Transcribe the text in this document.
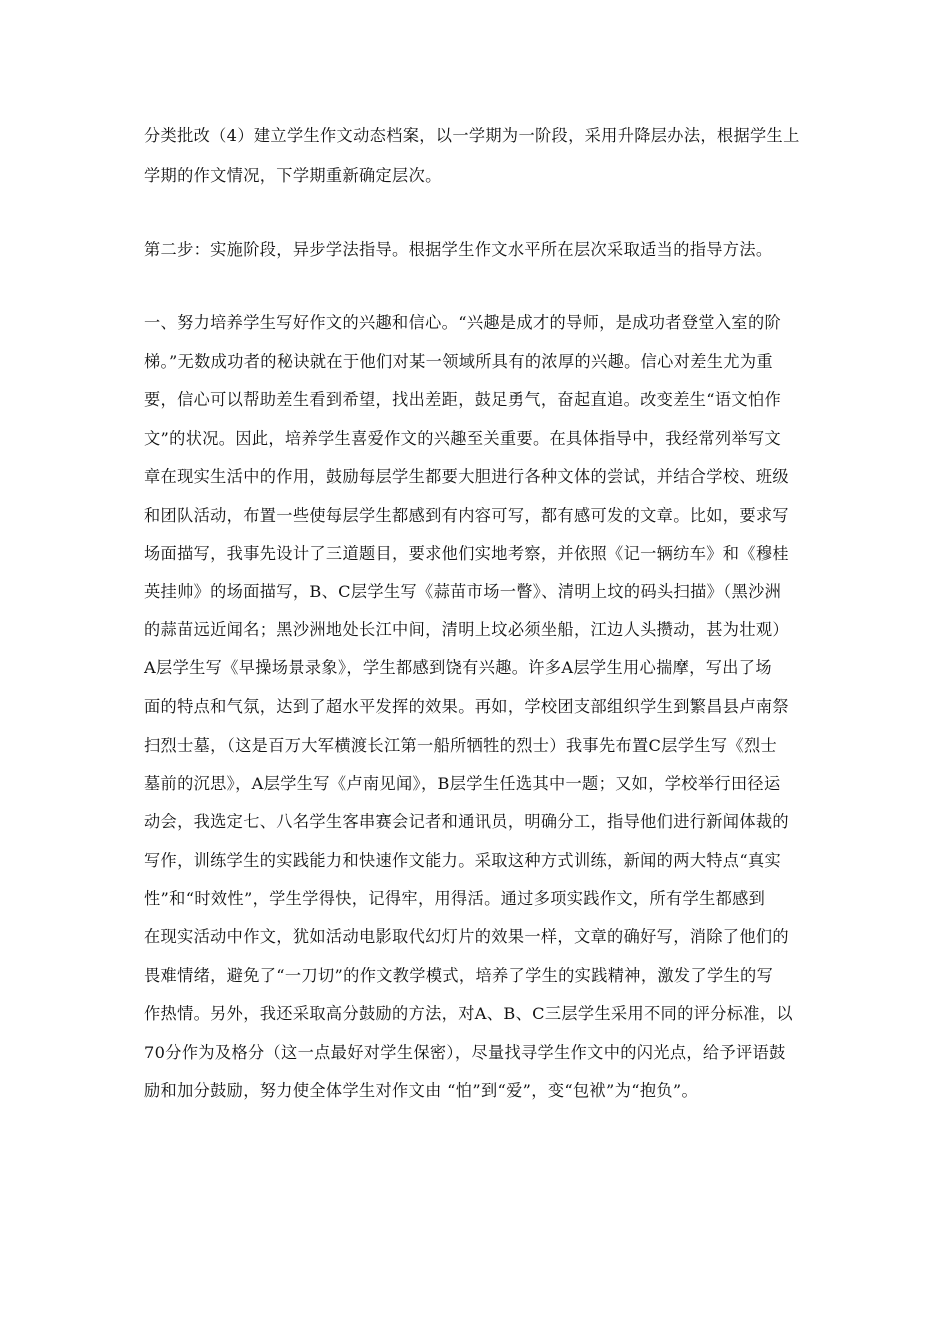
分类批改（4）建立学生作文动态档案，以一学期为一阶段，采用升降层办法，根据学生上
学期的作文情况，下学期重新确定层次。
第二步：实施阶段，异步学法指导。根据学生作文水平所在层次采取适当的指导方法。
一、努力培养学生写好作文的兴趣和信心。“兴趣是成才的导师，是成功者登堂入室的阶
梯。”无数成功者的秘诀就在于他们对某一领域所具有的浓厚的兴趣。信心对差生尤为重
要，信心可以帮助差生看到希望，找出差距，鼓足勇气，奋起直追。改变差生“语文怕作
文”的状况。因此，培养学生喜爱作文的兴趣至关重要。在具体指导中，我经常列举写文
章在现实生活中的作用，鼓励每层学生都要大胆进行各种文体的尝试，并结合学校、班级
和团队活动，布置一些使每层学生都感到有内容可写，都有感可发的文章。比如，要求写
场面描写，我事先设计了三道题目，要求他们实地考察，并依照《记一辆纺车》和《穆桂
英挂帅》的场面描写，B、C层学生写《蒜苗市场一瞥》、清明上坟的码头扫描》（黑沙洲
的蒜苗远近闻名；黑沙洲地处长江中间，清明上坟必须坐船，江边人头攒动，甚为壮观）
A层学生写《早操场景录象》，学生都感到饶有兴趣。许多A层学生用心揣摩，写出了场
面的特点和气氛，达到了超水平发挥的效果。再如，学校团支部组织学生到繁昌县卢南祭
扫烈士墓，（这是百万大军横渡长江第一船所牺牲的烈士）我事先布置C层学生写《烈士
墓前的沉思》，A层学生写《卢南见闻》，B层学生任选其中一题；又如，学校举行田径运
动会，我选定七、八名学生客串赛会记者和通讯员，明确分工，指导他们进行新闻体裁的
写作，训练学生的实践能力和快速作文能力。采取这种方式训练，新闻的两大特点“真实
性”和“时效性”，学生学得快，记得牢，用得活。通过多项实践作文，所有学生都感到
在现实活动中作文，犹如活动电影取代幻灯片的效果一样，文章的确好写，消除了他们的
畏难情绪，避免了“一刀切”的作文教学模式，培养了学生的实践精神，激发了学生的写
作热情。另外，我还采取高分鼓励的方法，对A、B、C三层学生采用不同的评分标准，以
70分作为及格分（这一点最好对学生保密），尽量找寻学生作文中的闪光点，给予评语鼓
励和加分鼓励，努力使全体学生对作文由 “怕”到“爱”，变“包袱”为“抱负”。
